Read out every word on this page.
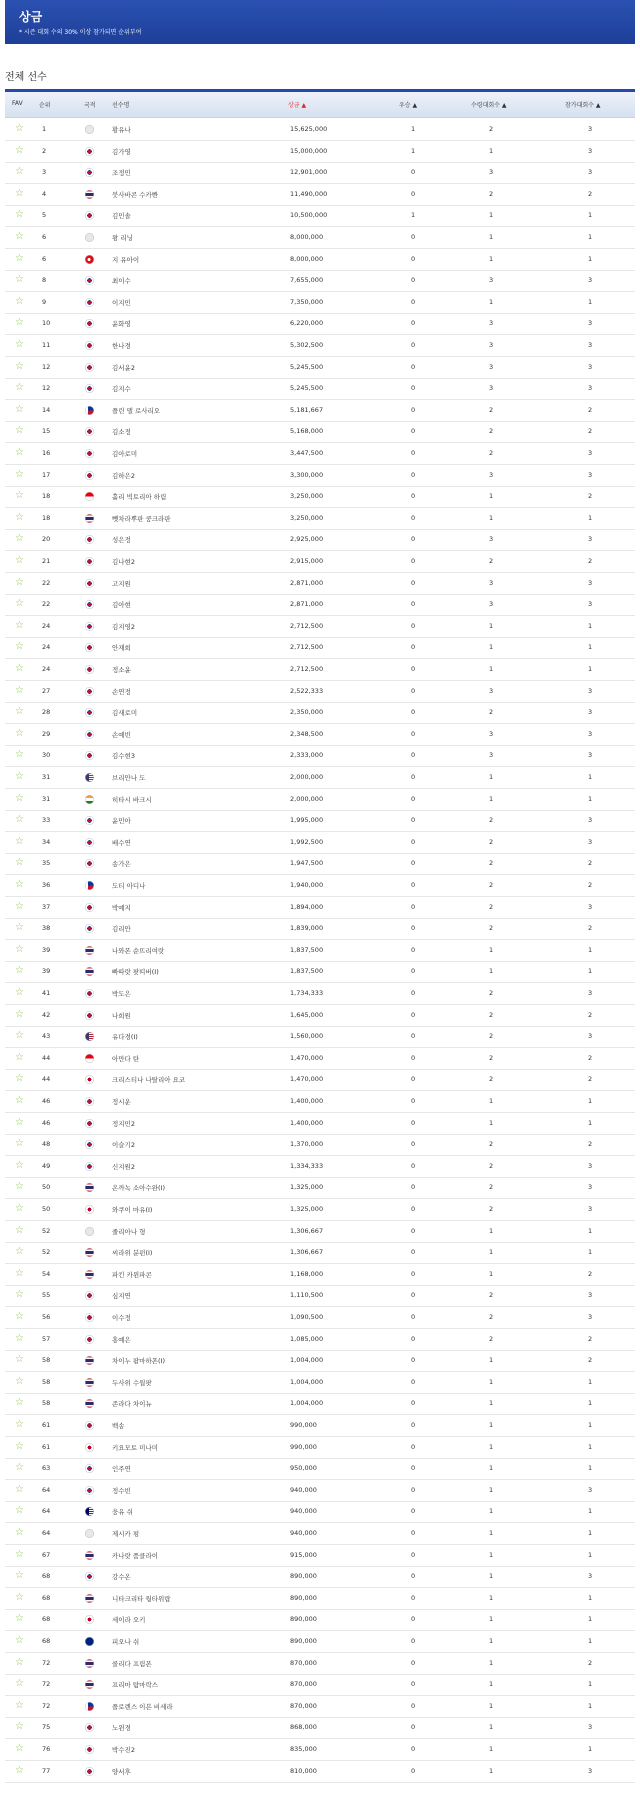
상금
* 시즌 대회 수의 30% 이상 참가되면 순위부여
전체 선수
FAV	순위	국적	선수명	상금 ▲	우승 ▲	수령대회수 ▲	참가대회수 ▲
☆	1	황유나	15,625,000	1	2	3
☆	2	김가영	15,000,000	1	1	3
☆	3	조정민	12,901,000	0	3	3
☆	4	붓사바콘 수카빤	11,490,000	0	2	2
☆	5	김민솔	10,500,000	1	1	1
☆	6	왕 리닝	8,000,000	0	1	1
☆	6	지 유아이	8,000,000	0	1	1
☆	8	최이수	7,655,000	0	3	3
☆	9	이지민	7,350,000	0	1	1
☆	10	윤화영	6,220,000	0	3	3
☆	11	한나경	5,302,500	0	3	3
☆	12	김서윤2	5,245,500	0	3	3
☆	12	김지수	5,245,500	0	3	3
☆	14	플린 델 로사리오	5,181,667	0	2	2
☆	15	김소정	5,168,000	0	2	2
☆	16	김아로미	3,447,500	0	2	3
☆	17	김하은2	3,300,000	0	3	3
☆	18	홀리 빅토리아 하림	3,250,000	0	1	2
☆	18	뺏차라뿌판 쿵크라판	3,250,000	0	1	1
☆	20	성은정	2,925,000	0	3	3
☆	21	김나현2	2,915,000	0	2	2
☆	22	고지원	2,871,000	0	3	3
☆	22	김아현	2,871,000	0	3	3
☆	24	김지영2	2,712,500	0	1	1
☆	24	안재희	2,712,500	0	1	1
☆	24	정소윤	2,712,500	0	1	1
☆	27	손연정	2,522,333	0	3	3
☆	28	김새로미	2,350,000	0	2	3
☆	29	손예빈	2,348,500	0	3	3
☆	30	김수현3	2,333,000	0	3	3
☆	31	브리안나 도	2,000,000	0	1	1
☆	31	히타시 바크시	2,000,000	0	1	1
☆	33	윤민아	1,995,000	0	2	3
☆	34	배수연	1,992,500	0	2	3
☆	35	송가은	1,947,500	0	2	2
☆	36	도티 아디나	1,940,000	0	2	2
☆	37	박예지	1,894,000	0	2	3
☆	38	김리안	1,839,000	0	2	2
☆	39	나와폰 순뜨리여랏	1,837,500	0	1	1
☆	39	빠따랏 팟띠버(I)	1,837,500	0	1	1
☆	41	박도은	1,734,333	0	2	3
☆	42	나희원	1,645,000	0	2	2
☆	43	유다경(I)	1,560,000	0	2	3
☆	44	아만다 탄	1,470,000	0	2	2
☆	44	크리스티나 나탈리아 요코	1,470,000	0	2	2
☆	46	정시운	1,400,000	0	1	1
☆	46	정지민2	1,400,000	0	1	1
☆	48	이슬기2	1,370,000	0	2	2
☆	49	신지원2	1,334,333	0	2	3
☆	50	온까녹 소아수완(I)	1,325,000	0	2	3
☆	50	와쿠이 마유(I)	1,325,000	0	2	3
☆	52	줄리아나 형	1,306,667	0	1	1
☆	52	씨라위 분펀(I)	1,306,667	0	1	1
☆	54	파킨 카윈파콘	1,168,000	0	1	2
☆	55	심지연	1,110,500	0	2	3
☆	56	이수정	1,090,500	0	2	3
☆	57	홍예은	1,085,000	0	2	2
☆	58	차이누 팜마하폰(I)	1,004,000	0	1	2
☆	58	두사위 수웜팟	1,004,000	0	1	1
☆	58	존라다 차이뉴	1,004,000	0	1	1
☆	61	백송	990,000	0	1	1
☆	61	키요모토 미나미	990,000	0	1	1
☆	63	인주연	950,000	0	1	1
☆	64	정수빈	940,000	0	1	3
☆	64	웅유 쉬	940,000	0	1	1
☆	64	제시카 펑	940,000	0	1	1
☆	67	카나랏 품클라이	915,000	0	1	1
☆	68	강수온	890,000	0	1	3
☆	68	니타크리타 웡타위랍	890,000	0	1	1
☆	68	세이라 오키	890,000	0	1	1
☆	68	피오나 쉬	890,000	0	1	1
☆	72	콜리다 프림폰	870,000	0	1	2
☆	72	프리마 탐마락스	870,000	0	1	1
☆	72	플로렌스 이븐 비세라	870,000	0	1	1
☆	75	노윈경	868,000	0	1	3
☆	76	박수진2	835,000	0	1	1
☆	77	양서후	810,000	0	1	3
